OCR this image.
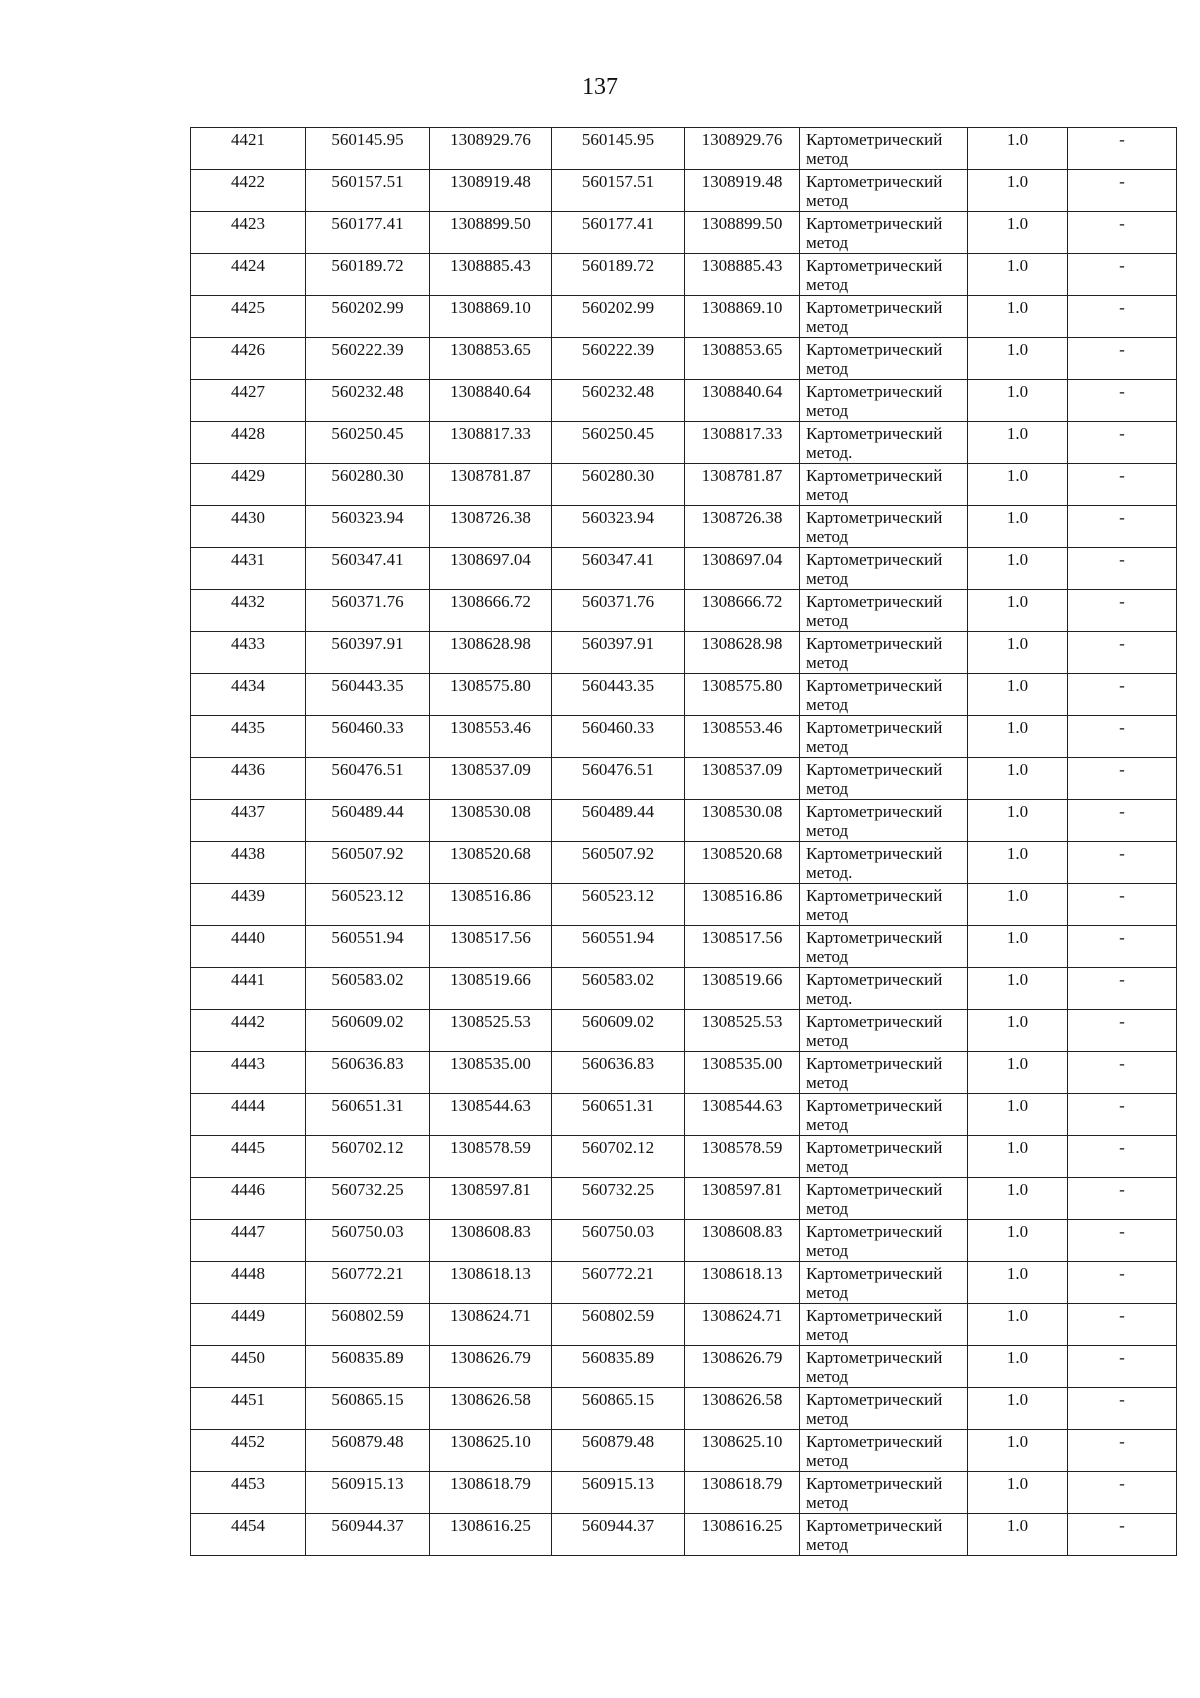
137
4421	560145.95	1308929.76	560145.95	1308929.76	Картометрический метод	1.0	-
4422	560157.51	1308919.48	560157.51	1308919.48	Картометрический метод	1.0	-
4423	560177.41	1308899.50	560177.41	1308899.50	Картометрический метод	1.0	-
4424	560189.72	1308885.43	560189.72	1308885.43	Картометрический метод	1.0	-
4425	560202.99	1308869.10	560202.99	1308869.10	Картометрический метод	1.0	-
4426	560222.39	1308853.65	560222.39	1308853.65	Картометрический метод	1.0	-
4427	560232.48	1308840.64	560232.48	1308840.64	Картометрический метод	1.0	-
4428	560250.45	1308817.33	560250.45	1308817.33	Картометрический метод.	1.0	-
4429	560280.30	1308781.87	560280.30	1308781.87	Картометрический метод	1.0	-
4430	560323.94	1308726.38	560323.94	1308726.38	Картометрический метод	1.0	-
4431	560347.41	1308697.04	560347.41	1308697.04	Картометрический метод	1.0	-
4432	560371.76	1308666.72	560371.76	1308666.72	Картометрический метод	1.0	-
4433	560397.91	1308628.98	560397.91	1308628.98	Картометрический метод	1.0	-
4434	560443.35	1308575.80	560443.35	1308575.80	Картометрический метод	1.0	-
4435	560460.33	1308553.46	560460.33	1308553.46	Картометрический метод	1.0	-
4436	560476.51	1308537.09	560476.51	1308537.09	Картометрический метод	1.0	-
4437	560489.44	1308530.08	560489.44	1308530.08	Картометрический метод	1.0	-
4438	560507.92	1308520.68	560507.92	1308520.68	Картометрический метод.	1.0	-
4439	560523.12	1308516.86	560523.12	1308516.86	Картометрический метод	1.0	-
4440	560551.94	1308517.56	560551.94	1308517.56	Картометрический метод	1.0	-
4441	560583.02	1308519.66	560583.02	1308519.66	Картометрический метод.	1.0	-
4442	560609.02	1308525.53	560609.02	1308525.53	Картометрический метод	1.0	-
4443	560636.83	1308535.00	560636.83	1308535.00	Картометрический метод	1.0	-
4444	560651.31	1308544.63	560651.31	1308544.63	Картометрический метод	1.0	-
4445	560702.12	1308578.59	560702.12	1308578.59	Картометрический метод	1.0	-
4446	560732.25	1308597.81	560732.25	1308597.81	Картометрический метод	1.0	-
4447	560750.03	1308608.83	560750.03	1308608.83	Картометрический метод	1.0	-
4448	560772.21	1308618.13	560772.21	1308618.13	Картометрический метод	1.0	-
4449	560802.59	1308624.71	560802.59	1308624.71	Картометрический метод	1.0	-
4450	560835.89	1308626.79	560835.89	1308626.79	Картометрический метод	1.0	-
4451	560865.15	1308626.58	560865.15	1308626.58	Картометрический метод	1.0	-
4452	560879.48	1308625.10	560879.48	1308625.10	Картометрический метод	1.0	-
4453	560915.13	1308618.79	560915.13	1308618.79	Картометрический метод	1.0	-
4454	560944.37	1308616.25	560944.37	1308616.25	Картометрический метод	1.0	-
